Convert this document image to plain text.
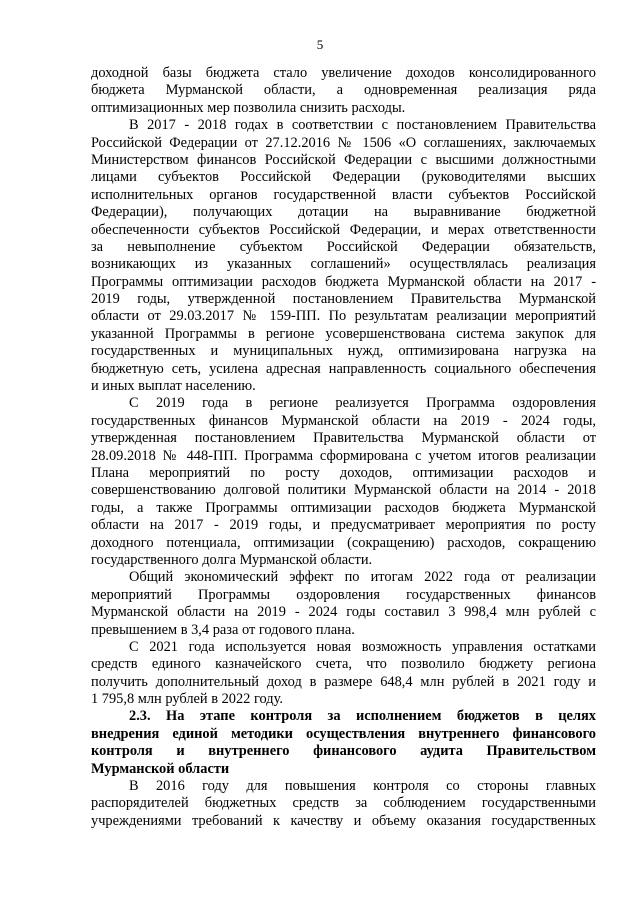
5
доходной базы бюджета стало увеличение доходов консолидированного
бюджета Мурманской области, а одновременная реализация ряда
оптимизационных мер позволила снизить расходы.
В 2017 - 2018 годах в соответствии с постановлением Правительства
Российской Федерации от 27.12.2016 № 1506 «О соглашениях, заключаемых
Министерством финансов Российской Федерации с высшими должностными
лицами субъектов Российской Федерации (руководителями высших
исполнительных органов государственной власти субъектов Российской
Федерации), получающих дотации на выравнивание бюджетной
обеспеченности субъектов Российской Федерации, и мерах ответственности
за невыполнение субъектом Российской Федерации обязательств,
возникающих из указанных соглашений» осуществлялась реализация
Программы оптимизации расходов бюджета Мурманской области на 2017 -
2019 годы, утвержденной постановлением Правительства Мурманской
области от 29.03.2017 № 159-ПП. По результатам реализации мероприятий
указанной Программы в регионе усовершенствована система закупок для
государственных и муниципальных нужд, оптимизирована нагрузка на
бюджетную сеть, усилена адресная направленность социального обеспечения
и иных выплат населению.
С 2019 года в регионе реализуется Программа оздоровления
государственных финансов Мурманской области на 2019 - 2024 годы,
утвержденная постановлением Правительства Мурманской области от
28.09.2018 № 448-ПП. Программа сформирована с учетом итогов реализации
Плана мероприятий по росту доходов, оптимизации расходов и
совершенствованию долговой политики Мурманской области на 2014 - 2018
годы, а также Программы оптимизации расходов бюджета Мурманской
области на 2017 - 2019 годы, и предусматривает мероприятия по росту
доходного потенциала, оптимизации (сокращению) расходов, сокращению
государственного долга Мурманской области.
Общий экономический эффект по итогам 2022 года от реализации
мероприятий Программы оздоровления государственных финансов
Мурманской области на 2019 - 2024 годы составил 3 998,4 млн рублей с
превышением в 3,4 раза от годового плана.
С 2021 года используется новая возможность управления остатками
средств единого казначейского счета, что позволило бюджету региона
получить дополнительный доход в размере 648,4 млн рублей в 2021 году и
1 795,8 млн рублей в 2022 году.
2.3. На этапе контроля за исполнением бюджетов в целях
внедрения единой методики осуществления внутреннего финансового
контроля и внутреннего финансового аудита Правительством
Мурманской области
В 2016 году для повышения контроля со стороны главных
распорядителей бюджетных средств за соблюдением государственными
учреждениями требований к качеству и объему оказания государственных
